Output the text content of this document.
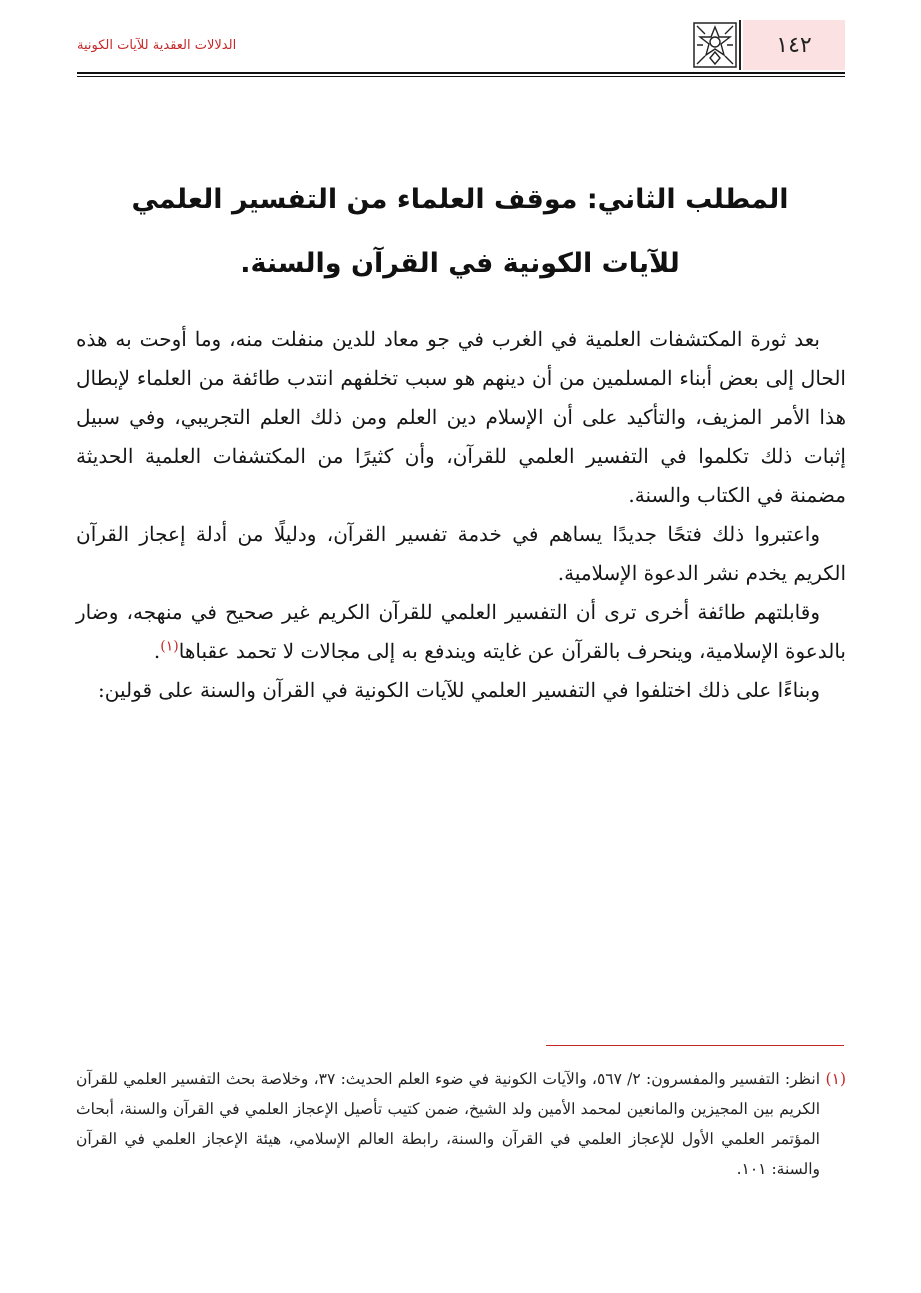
الدلالات العقدية للآيات الكونية	١٤٢
المطلب الثاني: موقف العلماء من التفسير العلمي
للآيات الكونية في القرآن والسنة.

بعد ثورة المكتشفات العلمية في الغرب في جو معاد للدين منفلت منه، وما أوحت به هذه الحال إلى بعض أبناء المسلمين من أن دينهم هو سبب تخلفهم انتدب طائفة من العلماء لإبطال هذا الأمر المزيف، والتأكيد على أن الإسلام دين العلم ومن ذلك العلم التجريبي، وفي سبيل إثبات ذلك تكلموا في التفسير العلمي للقرآن، وأن كثيرًا من المكتشفات العلمية الحديثة مضمنة في الكتاب والسنة.

واعتبروا ذلك فتحًا جديدًا يساهم في خدمة تفسير القرآن، ودليلًا من أدلة إعجاز القرآن الكريم يخدم نشر الدعوة الإسلامية.

وقابلتهم طائفة أخرى ترى أن التفسير العلمي للقرآن الكريم غير صحيح في منهجه، وضار بالدعوة الإسلامية، وينحرف بالقرآن عن غايته ويندفع به إلى مجالات لا تحمد عقباها$^{(١)}$.

وبناءًا على ذلك اختلفوا في التفسير العلمي للآيات الكونية في القرآن والسنة على قولين:

(١)
انظر: التفسير والمفسرون: ٢/ ٥٦٧، والآيات الكونية في ضوء العلم الحديث: ٣٧، وخلاصة بحث التفسير العلمي للقرآن الكريم بين المجيزين والمانعين لمحمد الأمين ولد الشيخ، ضمن كتيب تأصيل الإعجاز العلمي في القرآن والسنة، أبحاث المؤتمر العلمي الأول للإعجاز العلمي في القرآن والسنة، رابطة العالم الإسلامي، هيئة الإعجاز العلمي في القرآن والسنة: ١٠١.
